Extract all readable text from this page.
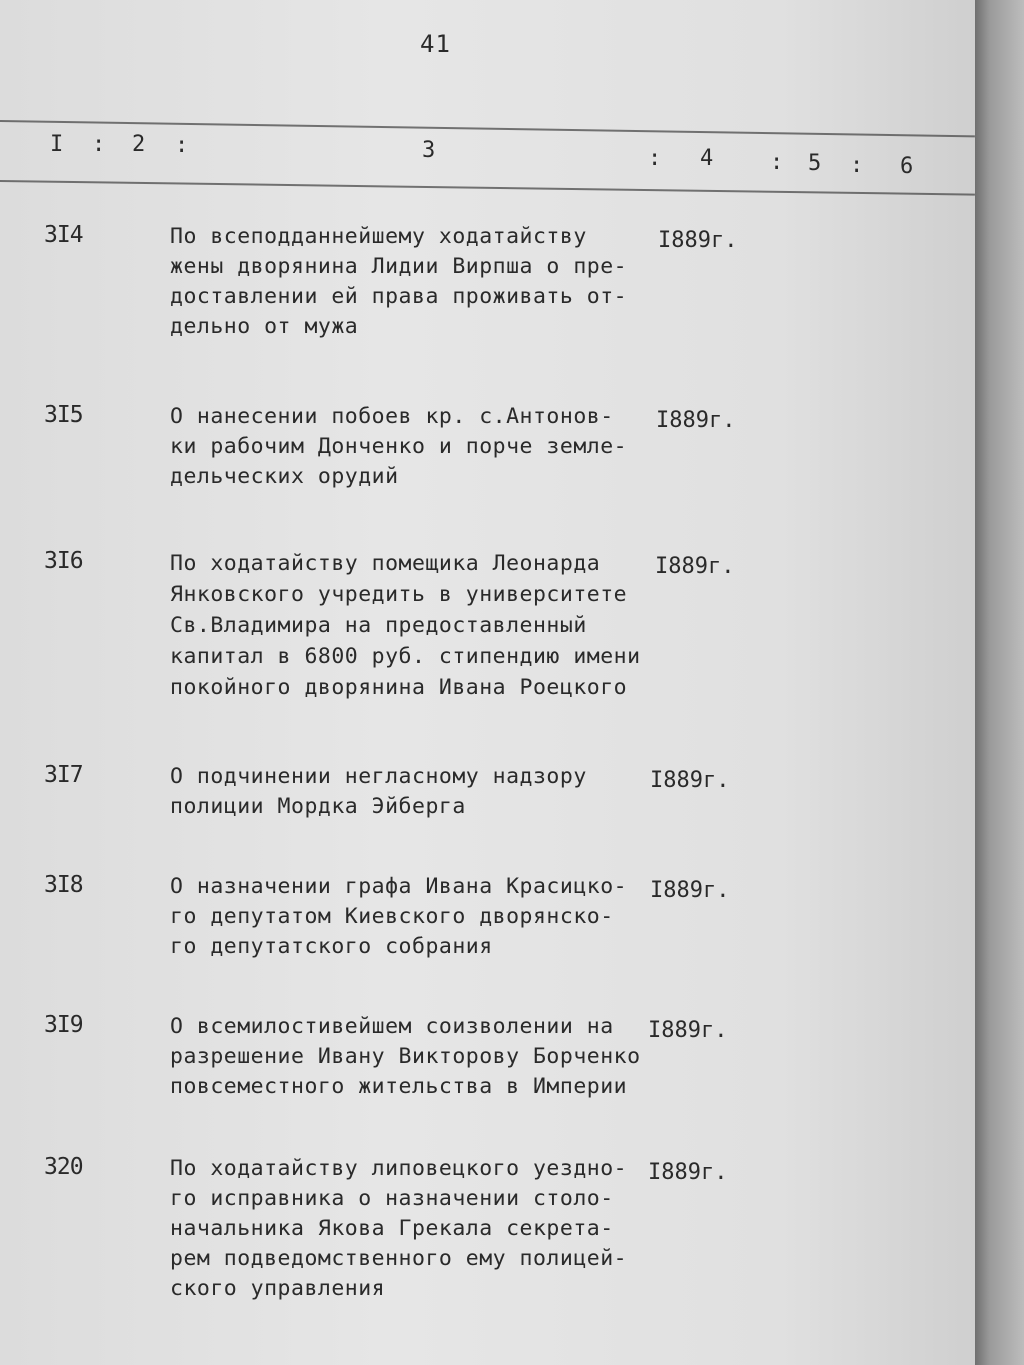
41
I : 2 :	3	: 4	: 5 : 6
3I4	По всеподданнейшему ходатайству
жены дворянина Лидии Вирпша о пре-
доставлении ей права проживать от-
дельно от мужа
I889г.
3I5	О нанесении побоев кр. с.Антонов-
ки рабочим Донченко и порче земле-
дельческих орудий
I889г.
3I6	По ходатайству помещика Леонарда
Янковского учредить в университете
Св.Владимира на предоставленный
капитал в 6800 руб. стипендию имени
покойного дворянина Ивана Роецкого
I889г.
3I7	О подчинении негласному надзору
полиции Мордка Эйберга
I889г.
3I8	О назначении графа Ивана Красицко-
го депутатом Киевского дворянско-
го депутатского собрания
I889г.
3I9	О всемилостивейшем соизволении на
разрешение Ивану Викторову Борченко
повсеместного жительства в Империи
I889г.
320	По ходатайству липовецкого уездно-
го исправника о назначении столо-
начальника Якова Грекала секрета-
рем подведомственного ему полицей-
ского управления
I889г.
